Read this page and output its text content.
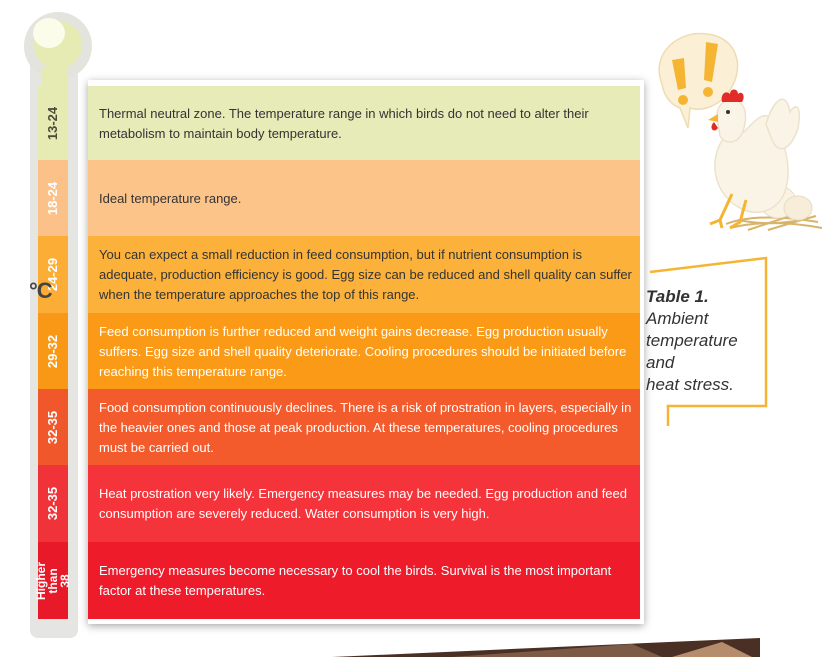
13-24
18-24
24-29
29-32
32-35
32-35
Higher than 38
°C
Thermal neutral zone. The temperature range in which birds do not need to alter their metabolism to maintain body temperature.
Ideal temperature range.
You can expect a small reduction in feed consumption, but if nutrient consumption is adequate, production efficiency is good. Egg size can be reduced and shell quality can suffer when the temperature approaches the top of this range.
Feed consumption is further reduced and weight gains decrease. Egg production usually suffers. Egg size and shell quality deteriorate. Cooling procedures should be initiated before reaching this temperature range.
Food consumption continuously declines. There is a risk of prostration in layers, especially in the heavier ones and those at peak production. At these temperatures, cooling procedures must be carried out.
Heat prostration very likely. Emergency measures may be needed. Egg production and feed consumption are severely reduced. Water consumption is very high.
Emergency measures become necessary to cool the birds. Survival is the most important factor at these temperatures.
Table 1.
Ambient
temperature
and
heat stress.
